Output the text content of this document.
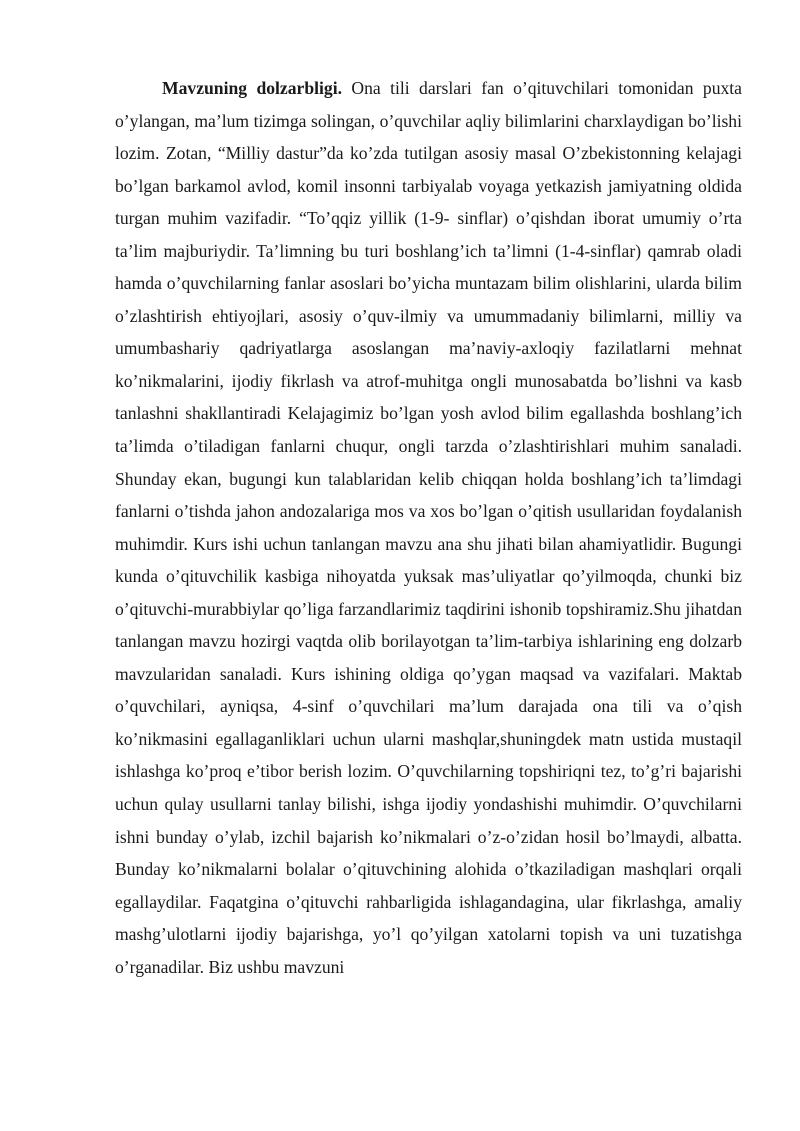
Mavzuning dolzarbligi. Ona tili darslari fan o’qituvchilari tomonidan puxta o’ylangan, ma’lum tizimga solingan, o’quvchilar aqliy bilimlarini charxlaydigan bo’lishi lozim. Zotan, “Milliy dastur”da ko’zda tutilgan asosiy masal O’zbekistonning kelajagi bo’lgan barkamol avlod, komil insonni tarbiyalab voyaga yetkazish jamiyatning oldida turgan muhim vazifadir. “To’qqiz yillik (1-9- sinflar) o’qishdan iborat umumiy o’rta ta’lim majburiydir. Ta’limning bu turi boshlang’ich ta’limni (1-4-sinflar) qamrab oladi hamda o’quvchilarning fanlar asoslari bo’yicha muntazam bilim olishlarini, ularda bilim o’zlashtirish ehtiyojlari, asosiy o’quv-ilmiy va umummadaniy bilimlarni, milliy va umumbashariy qadriyatlarga asoslangan ma’naviy-axloqiy fazilatlarni mehnat ko’nikmalarini, ijodiy fikrlash va atrof-muhitga ongli munosabatda bo’lishni va kasb tanlashni shakllantiradi Kelajagimiz bo’lgan yosh avlod bilim egallashda boshlang’ich ta’limda o’tiladigan fanlarni chuqur, ongli tarzda o’zlashtirishlari muhim sanaladi. Shunday ekan, bugungi kun talablaridan kelib chiqqan holda boshlang’ich ta’limdagi fanlarni o’tishda jahon andozalariga mos va xos bo’lgan o’qitish usullaridan foydalanish muhimdir. Kurs ishi uchun tanlangan mavzu ana shu jihati bilan ahamiyatlidir. Bugungi kunda o’qituvchilik kasbiga nihoyatda yuksak mas’uliyatlar qo’yilmoqda, chunki biz o’qituvchi-murabbiylar qo’liga farzandlarimiz taqdirini ishonib topshiramiz.Shu jihatdan tanlangan mavzu hozirgi vaqtda olib borilayotgan ta’lim-tarbiya ishlarining eng dolzarb mavzularidan sanaladi. Kurs ishining oldiga qo’ygan maqsad va vazifalari. Maktab o’quvchilari, ayniqsa, 4-sinf o’quvchilari ma’lum darajada ona tili va o’qish ko’nikmasini egallaganliklari uchun ularni mashqlar,shuningdek matn ustida mustaqil ishlashga ko’proq e’tibor berish lozim. O’quvchilarning topshiriqni tez, to’g’ri bajarishi uchun qulay usullarni tanlay bilishi, ishga ijodiy yondashishi muhimdir. O’quvchilarni ishni bunday o’ylab, izchil bajarish ko’nikmalari o’z-o’zidan hosil bo’lmaydi, albatta. Bunday ko’nikmalarni bolalar o’qituvchining alohida o’tkaziladigan mashqlari orqali egallaydilar. Faqatgina o’qituvchi rahbarligida ishlagandagina, ular fikrlashga, amaliy mashg’ulotlarni ijodiy bajarishga, yo’l qo’yilgan xatolarni topish va uni tuzatishga o’rganadilar. Biz ushbu mavzuni
